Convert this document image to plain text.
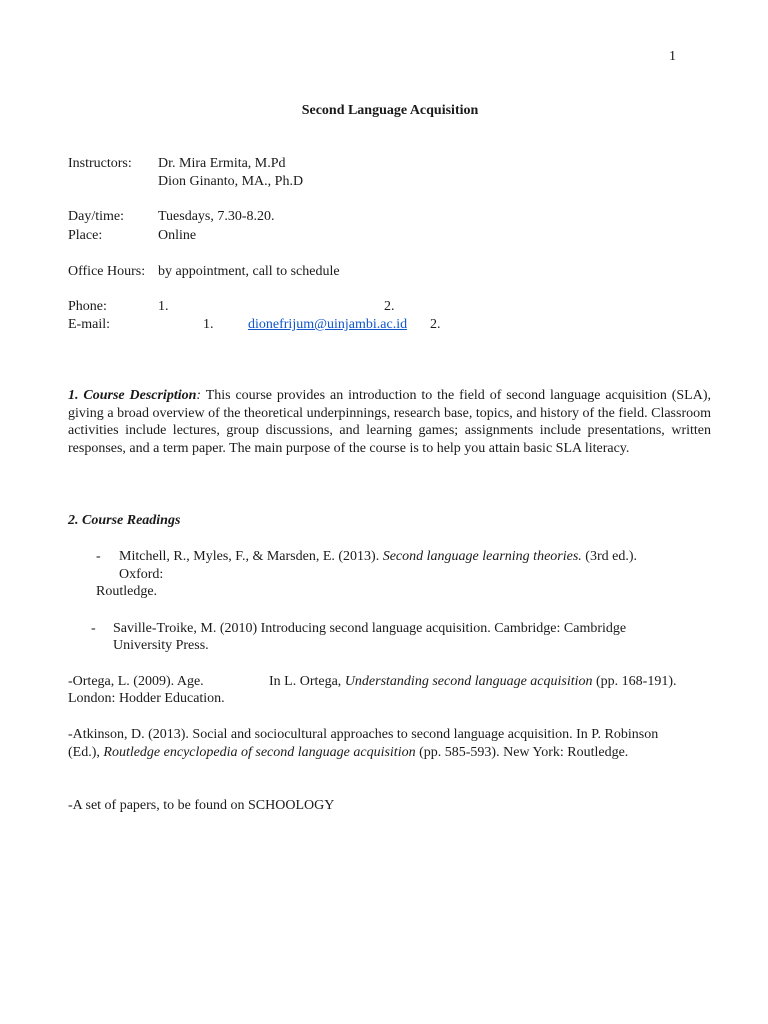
1
Second Language Acquisition
Instructors: Dr. Mira Ermita, M.Pd
Dion Ginanto, MA., Ph.D
Day/time: Tuesdays, 7.30-8.20.
Place:	Online
Office Hours: by appointment, call to schedule
Phone:	1.	2.
E-mail:	1. dionefrijum@uinjambi.ac.id 2.
1. Course Description: This course provides an introduction to the field of second language acquisition (SLA), giving a broad overview of the theoretical underpinnings, research base, topics, and history of the field. Classroom activities include lectures, group discussions, and learning games; assignments include presentations, written responses, and a term paper. The main purpose of the course is to help you attain basic SLA literacy.
2. Course Readings
- Mitchell, R., Myles, F., & Marsden, E. (2013). Second language learning theories. (3rd ed.).
Oxford:
Routledge.
- Saville-Troike, M. (2010) Introducing second language acquisition. Cambridge: Cambridge
University Press.
-Ortega, L. (2009). Age.	In L. Ortega, Understanding second language acquisition (pp. 168-191).
London: Hodder Education.
-Atkinson, D. (2013). Social and sociocultural approaches to second language acquisition. In P. Robinson
(Ed.), Routledge encyclopedia of second language acquisition (pp. 585-593). New York: Routledge.
-A set of papers, to be found on SCHOOLOGY
